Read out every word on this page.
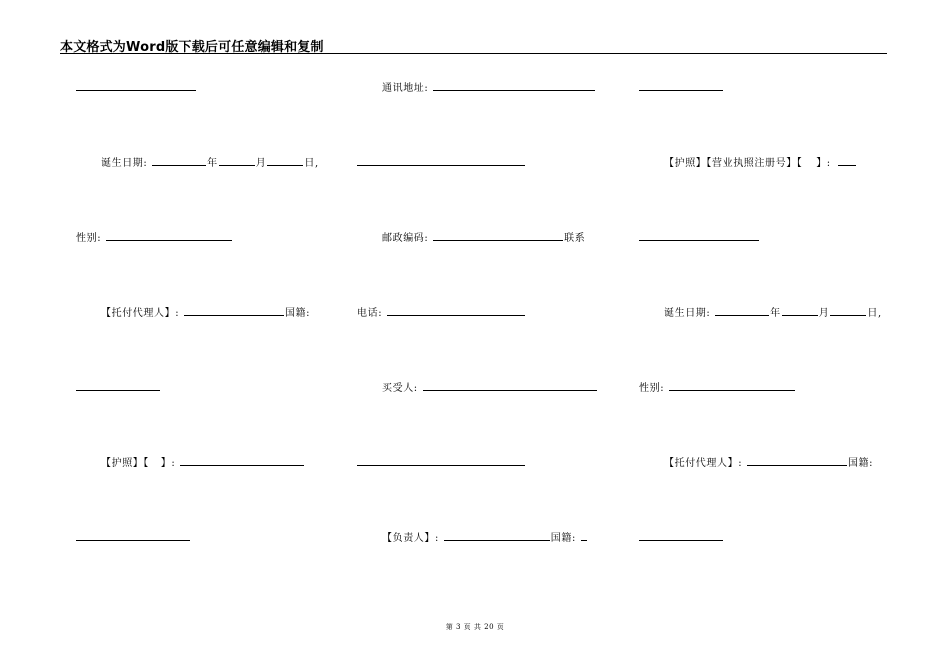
本文格式为Word版下载后可任意编辑和复制
通讯地址:
诞生日期:	年	月	日,	【护照】【营业执照注册号】【 】:
性别:	邮政编码:	联系
【托付代理人】:	国籍:	电话:	诞生日期:	年	月	日,
买受人:	性别:
【护照】【 】:	【托付代理人】:	国籍:
【负责人】:	国籍:
第 3 页 共 20 页
